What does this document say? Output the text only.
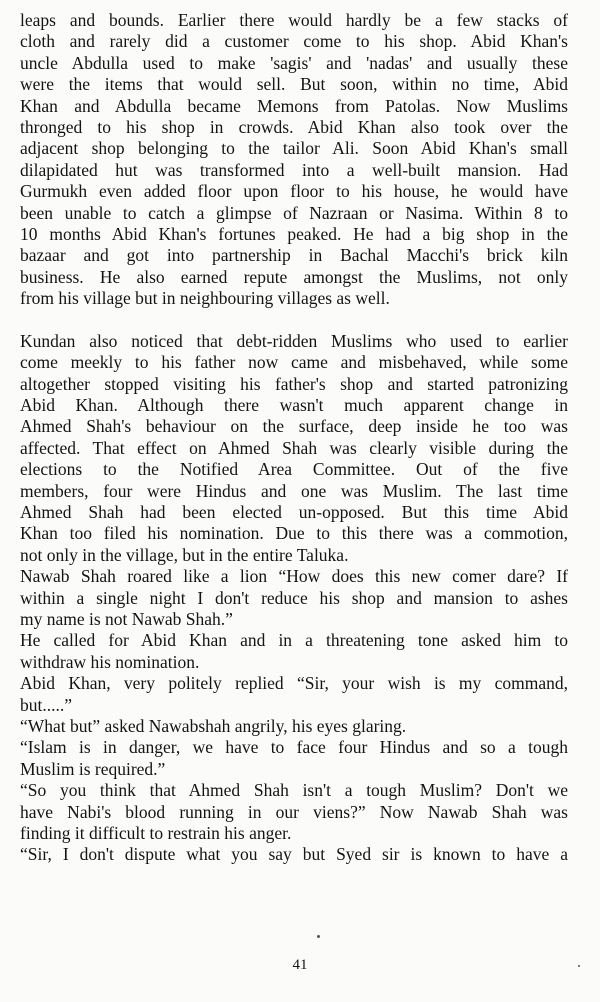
leaps and bounds. Earlier there would hardly be a few stacks of
cloth and rarely did a customer come to his shop. Abid Khan's
uncle Abdulla used to make 'sagis' and 'nadas' and usually these
were the items that would sell. But soon, within no time, Abid
Khan and Abdulla became Memons from Patolas. Now Muslims
thronged to his shop in crowds. Abid Khan also took over the
adjacent shop belonging to the tailor Ali. Soon Abid Khan's small
dilapidated hut was transformed into a well-built mansion. Had
Gurmukh even added floor upon floor to his house, he would have
been unable to catch a glimpse of Nazraan or Nasima. Within 8 to
10 months Abid Khan's fortunes peaked. He had a big shop in the
bazaar and got into partnership in Bachal Macchi's brick kiln
business. He also earned repute amongst the Muslims, not only
from his village but in neighbouring villages as well.
Kundan also noticed that debt-ridden Muslims who used to earlier
come meekly to his father now came and misbehaved, while some
altogether stopped visiting his father's shop and started patronizing
Abid Khan. Although there wasn't much apparent change in
Ahmed Shah's behaviour on the surface, deep inside he too was
affected. That effect on Ahmed Shah was clearly visible during the
elections to the Notified Area Committee. Out of the five
members, four were Hindus and one was Muslim. The last time
Ahmed Shah had been elected un-opposed. But this time Abid
Khan too filed his nomination. Due to this there was a commotion,
not only in the village, but in the entire Taluka.
Nawab Shah roared like a lion “How does this new comer dare? If
within a single night I don't reduce his shop and mansion to ashes
my name is not Nawab Shah.”
He called for Abid Khan and in a threatening tone asked him to
withdraw his nomination.
Abid Khan, very politely replied “Sir, your wish is my command,
but.....”
“What but” asked Nawabshah angrily, his eyes glaring.
“Islam is in danger, we have to face four Hindus and so a tough
Muslim is required.”
“So you think that Ahmed Shah isn't a tough Muslim? Don't we
have Nabi's blood running in our viens?” Now Nawab Shah was
finding it difficult to restrain his anger.
“Sir, I don't dispute what you say but Syed sir is known to have a
41
